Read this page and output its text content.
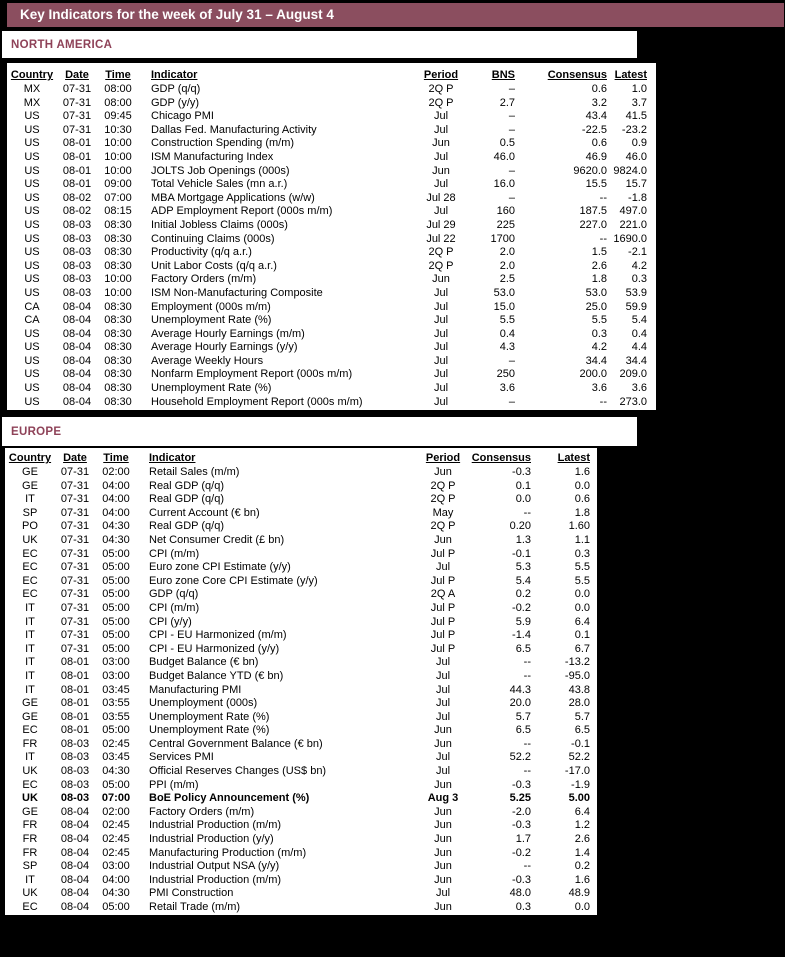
Key Indicators for the week of July 31 – August 4
NORTH AMERICA
Country	Date	Time	Indicator	Period	BNS	Consensus	Latest
MX	07-31	08:00	GDP (q/q)	2Q P	–	0.6	1.0
MX	07-31	08:00	GDP (y/y)	2Q P	2.7	3.2	3.7
US	07-31	09:45	Chicago PMI	Jul	–	43.4	41.5
US	07-31	10:30	Dallas Fed. Manufacturing Activity	Jul	–	-22.5	-23.2
US	08-01	10:00	Construction Spending (m/m)	Jun	0.5	0.6	0.9
US	08-01	10:00	ISM Manufacturing Index	Jul	46.0	46.9	46.0
US	08-01	10:00	JOLTS Job Openings (000s)	Jun	–	9620.0	9824.0
US	08-01	09:00	Total Vehicle Sales (mn a.r.)	Jul	16.0	15.5	15.7
US	08-02	07:00	MBA Mortgage Applications (w/w)	Jul 28	–	--	-1.8
US	08-02	08:15	ADP Employment Report (000s m/m)	Jul	160	187.5	497.0
US	08-03	08:30	Initial Jobless Claims (000s)	Jul 29	225	227.0	221.0
US	08-03	08:30	Continuing Claims (000s)	Jul 22	1700	--	1690.0
US	08-03	08:30	Productivity (q/q a.r.)	2Q P	2.0	1.5	-2.1
US	08-03	08:30	Unit Labor Costs (q/q a.r.)	2Q P	2.0	2.6	4.2
US	08-03	10:00	Factory Orders (m/m)	Jun	2.5	1.8	0.3
US	08-03	10:00	ISM Non-Manufacturing Composite	Jul	53.0	53.0	53.9
CA	08-04	08:30	Employment (000s m/m)	Jul	15.0	25.0	59.9
CA	08-04	08:30	Unemployment Rate (%)	Jul	5.5	5.5	5.4
US	08-04	08:30	Average Hourly Earnings (m/m)	Jul	0.4	0.3	0.4
US	08-04	08:30	Average Hourly Earnings (y/y)	Jul	4.3	4.2	4.4
US	08-04	08:30	Average Weekly Hours	Jul	–	34.4	34.4
US	08-04	08:30	Nonfarm Employment Report (000s m/m)	Jul	250	200.0	209.0
US	08-04	08:30	Unemployment Rate (%)	Jul	3.6	3.6	3.6
US	08-04	08:30	Household Employment Report (000s m/m)	Jul	–	--	273.0
EUROPE
Country	Date	Time	Indicator	Period	Consensus	Latest
GE	07-31	02:00	Retail Sales (m/m)	Jun	-0.3	1.6
GE	07-31	04:00	Real GDP (q/q)	2Q P	0.1	0.0
IT	07-31	04:00	Real GDP (q/q)	2Q P	0.0	0.6
SP	07-31	04:00	Current Account (€ bn)	May	--	1.8
PO	07-31	04:30	Real GDP (q/q)	2Q P	0.20	1.60
UK	07-31	04:30	Net Consumer Credit (£ bn)	Jun	1.3	1.1
EC	07-31	05:00	CPI (m/m)	Jul P	-0.1	0.3
EC	07-31	05:00	Euro zone CPI Estimate (y/y)	Jul	5.3	5.5
EC	07-31	05:00	Euro zone Core CPI Estimate (y/y)	Jul P	5.4	5.5
EC	07-31	05:00	GDP (q/q)	2Q A	0.2	0.0
IT	07-31	05:00	CPI (m/m)	Jul P	-0.2	0.0
IT	07-31	05:00	CPI (y/y)	Jul P	5.9	6.4
IT	07-31	05:00	CPI - EU Harmonized (m/m)	Jul P	-1.4	0.1
IT	07-31	05:00	CPI - EU Harmonized (y/y)	Jul P	6.5	6.7
IT	08-01	03:00	Budget Balance (€ bn)	Jul	--	-13.2
IT	08-01	03:00	Budget Balance YTD (€ bn)	Jul	--	-95.0
IT	08-01	03:45	Manufacturing PMI	Jul	44.3	43.8
GE	08-01	03:55	Unemployment (000s)	Jul	20.0	28.0
GE	08-01	03:55	Unemployment Rate (%)	Jul	5.7	5.7
EC	08-01	05:00	Unemployment Rate (%)	Jun	6.5	6.5
FR	08-03	02:45	Central Government Balance (€ bn)	Jun	--	-0.1
IT	08-03	03:45	Services PMI	Jul	52.2	52.2
UK	08-03	04:30	Official Reserves Changes (US$ bn)	Jul	--	-17.0
EC	08-03	05:00	PPI (m/m)	Jun	-0.3	-1.9
UK	08-03	07:00	BoE Policy Announcement (%)	Aug 3	5.25	5.00
GE	08-04	02:00	Factory Orders (m/m)	Jun	-2.0	6.4
FR	08-04	02:45	Industrial Production (m/m)	Jun	-0.3	1.2
FR	08-04	02:45	Industrial Production (y/y)	Jun	1.7	2.6
FR	08-04	02:45	Manufacturing Production (m/m)	Jun	-0.2	1.4
SP	08-04	03:00	Industrial Output NSA (y/y)	Jun	--	0.2
IT	08-04	04:00	Industrial Production (m/m)	Jun	-0.3	1.6
UK	08-04	04:30	PMI Construction	Jul	48.0	48.9
EC	08-04	05:00	Retail Trade (m/m)	Jun	0.3	0.0
